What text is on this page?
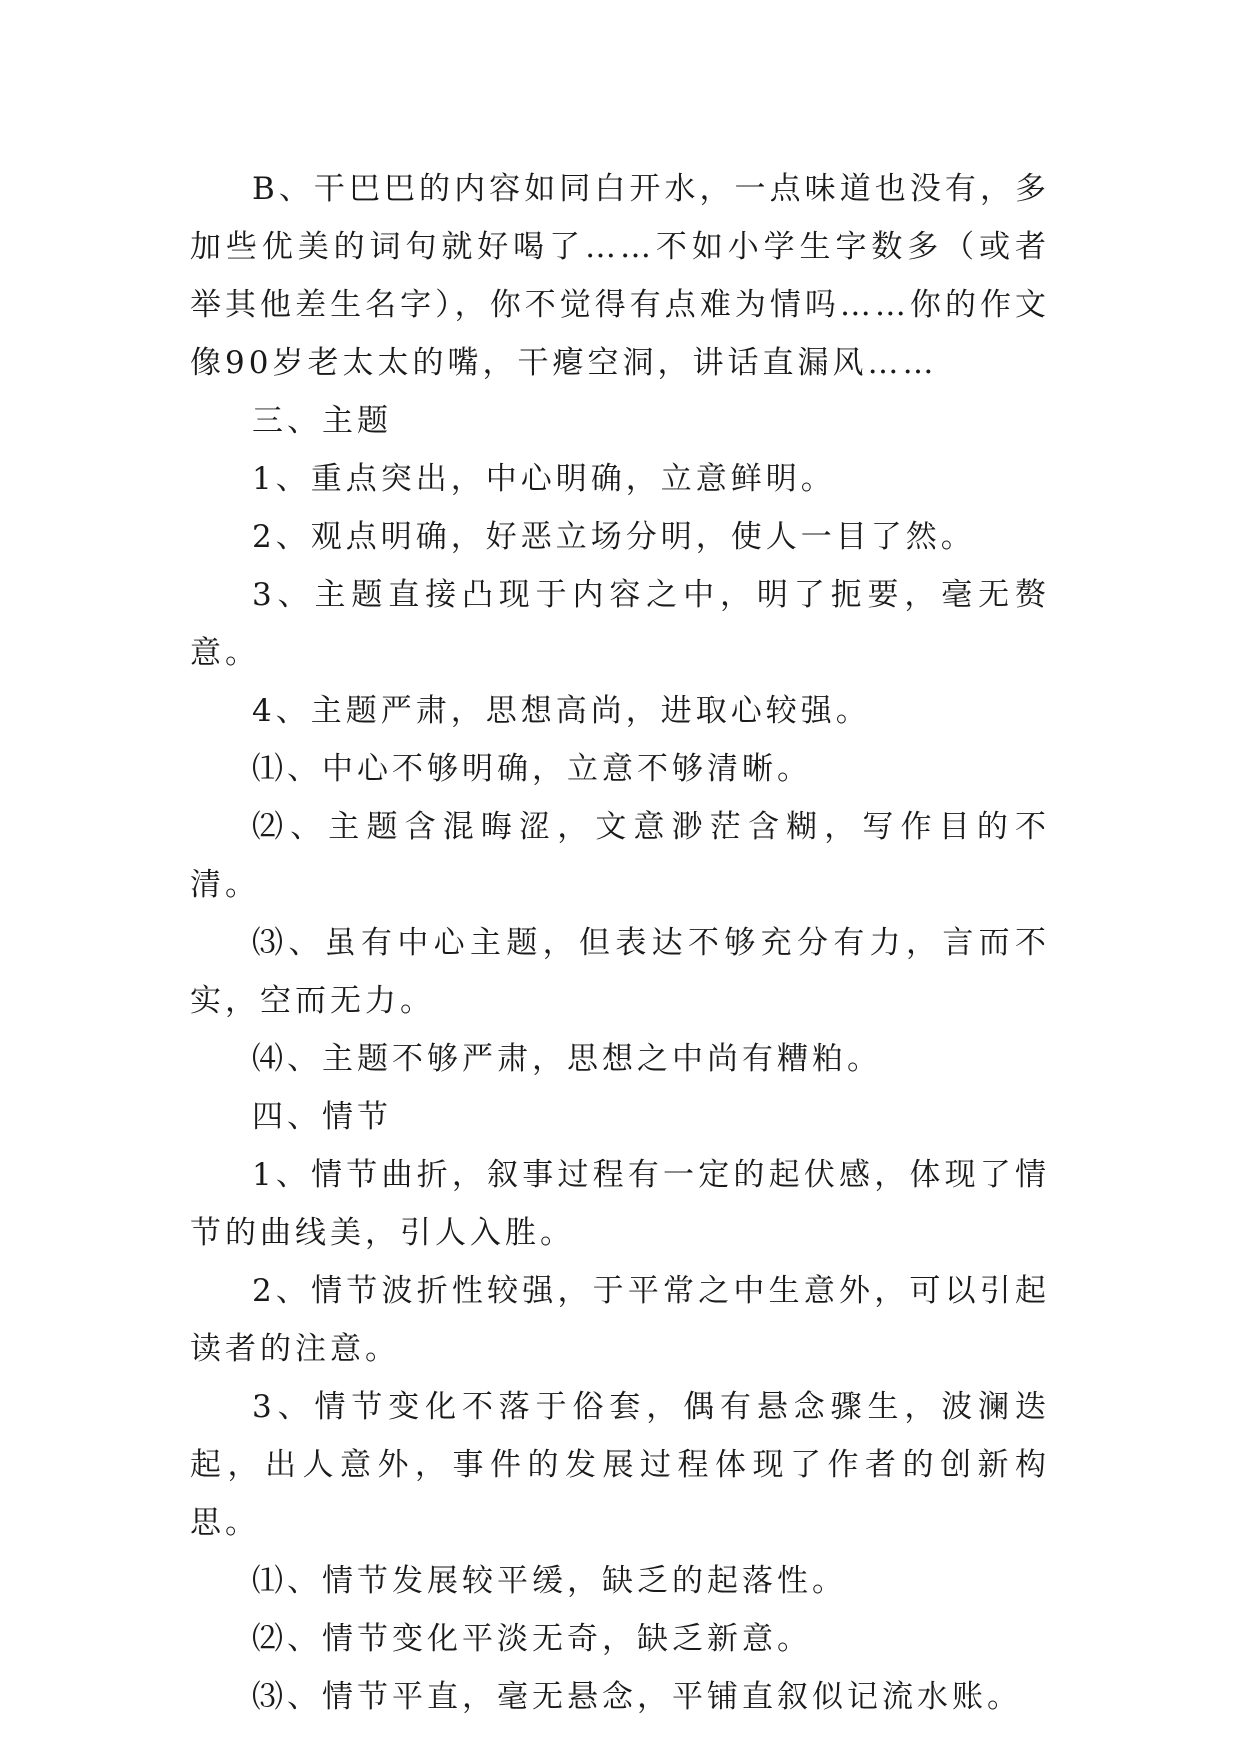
B、干巴巴的内容如同白开水，一点味道也没有，多加些优美的词句就好喝了……不如小学生字数多（或者举其他差生名字），你不觉得有点难为情吗……你的作文像90岁老太太的嘴，干瘪空洞，讲话直漏风……

三、主题

1、重点突出，中心明确，立意鲜明。

2、观点明确，好恶立场分明，使人一目了然。

3、主题直接凸现于内容之中，明了扼要，毫无赘意。

4、主题严肃，思想高尚，进取心较强。

⑴、中心不够明确，立意不够清晰。

⑵、主题含混晦涩，文意渺茫含糊，写作目的不清。

⑶、虽有中心主题，但表达不够充分有力，言而不实，空而无力。

⑷、主题不够严肃，思想之中尚有糟粕。

四、情节

1、情节曲折，叙事过程有一定的起伏感，体现了情节的曲线美，引人入胜。

2、情节波折性较强，于平常之中生意外，可以引起读者的注意。

3、情节变化不落于俗套，偶有悬念骤生，波澜迭起，出人意外，事件的发展过程体现了作者的创新构思。

⑴、情节发展较平缓，缺乏的起落性。

⑵、情节变化平淡无奇，缺乏新意。

⑶、情节平直，毫无悬念，平铺直叙似记流水账。
